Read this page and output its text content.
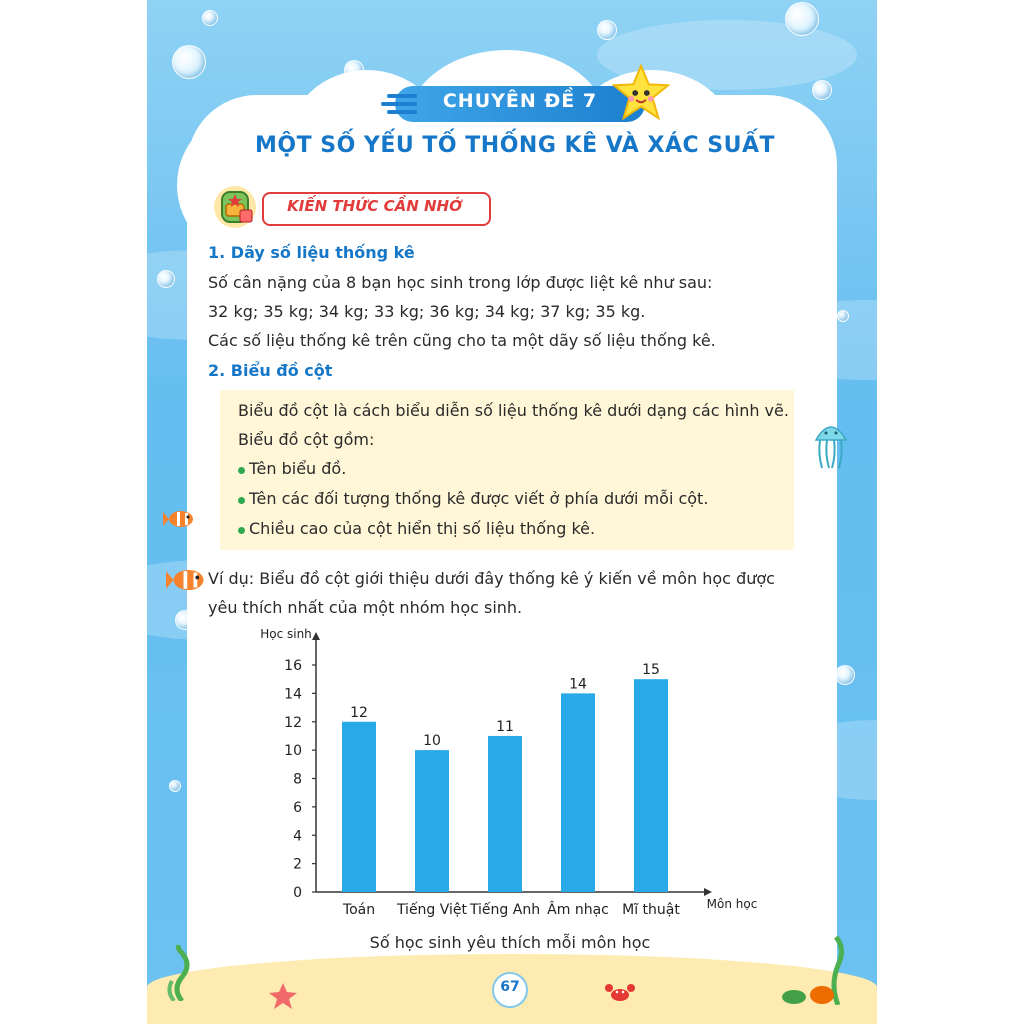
CHUYÊN ĐỀ 7
MỘT SỐ YẾU TỐ THỐNG KÊ VÀ XÁC SUẤT
KIẾN THỨC CẦN NHỚ
1. Dãy số liệu thống kê
Số cân nặng của 8 bạn học sinh trong lớp được liệt kê như sau:
32 kg; 35 kg; 34 kg; 33 kg; 36 kg; 34 kg; 37 kg; 35 kg.
Các số liệu thống kê trên cũng cho ta một dãy số liệu thống kê.
2. Biểu đồ cột
Biểu đồ cột là cách biểu diễn số liệu thống kê dưới dạng các hình vẽ.
Biểu đồ cột gồm:
Tên biểu đồ.
Tên các đối tượng thống kê được viết ở phía dưới mỗi cột.
Chiều cao của cột hiển thị số liệu thống kê.
Ví dụ: Biểu đồ cột giới thiệu dưới đây thống kê ý kiến về môn học được
yêu thích nhất của một nhóm học sinh.
Học sinh
Môn học
0
2
4
6
8
10
12
14
16
12
Toán
10
Tiếng Việt
11
Tiếng Anh
14
Âm nhạc
15
Mĩ thuật
Số học sinh yêu thích mỗi môn học
67
